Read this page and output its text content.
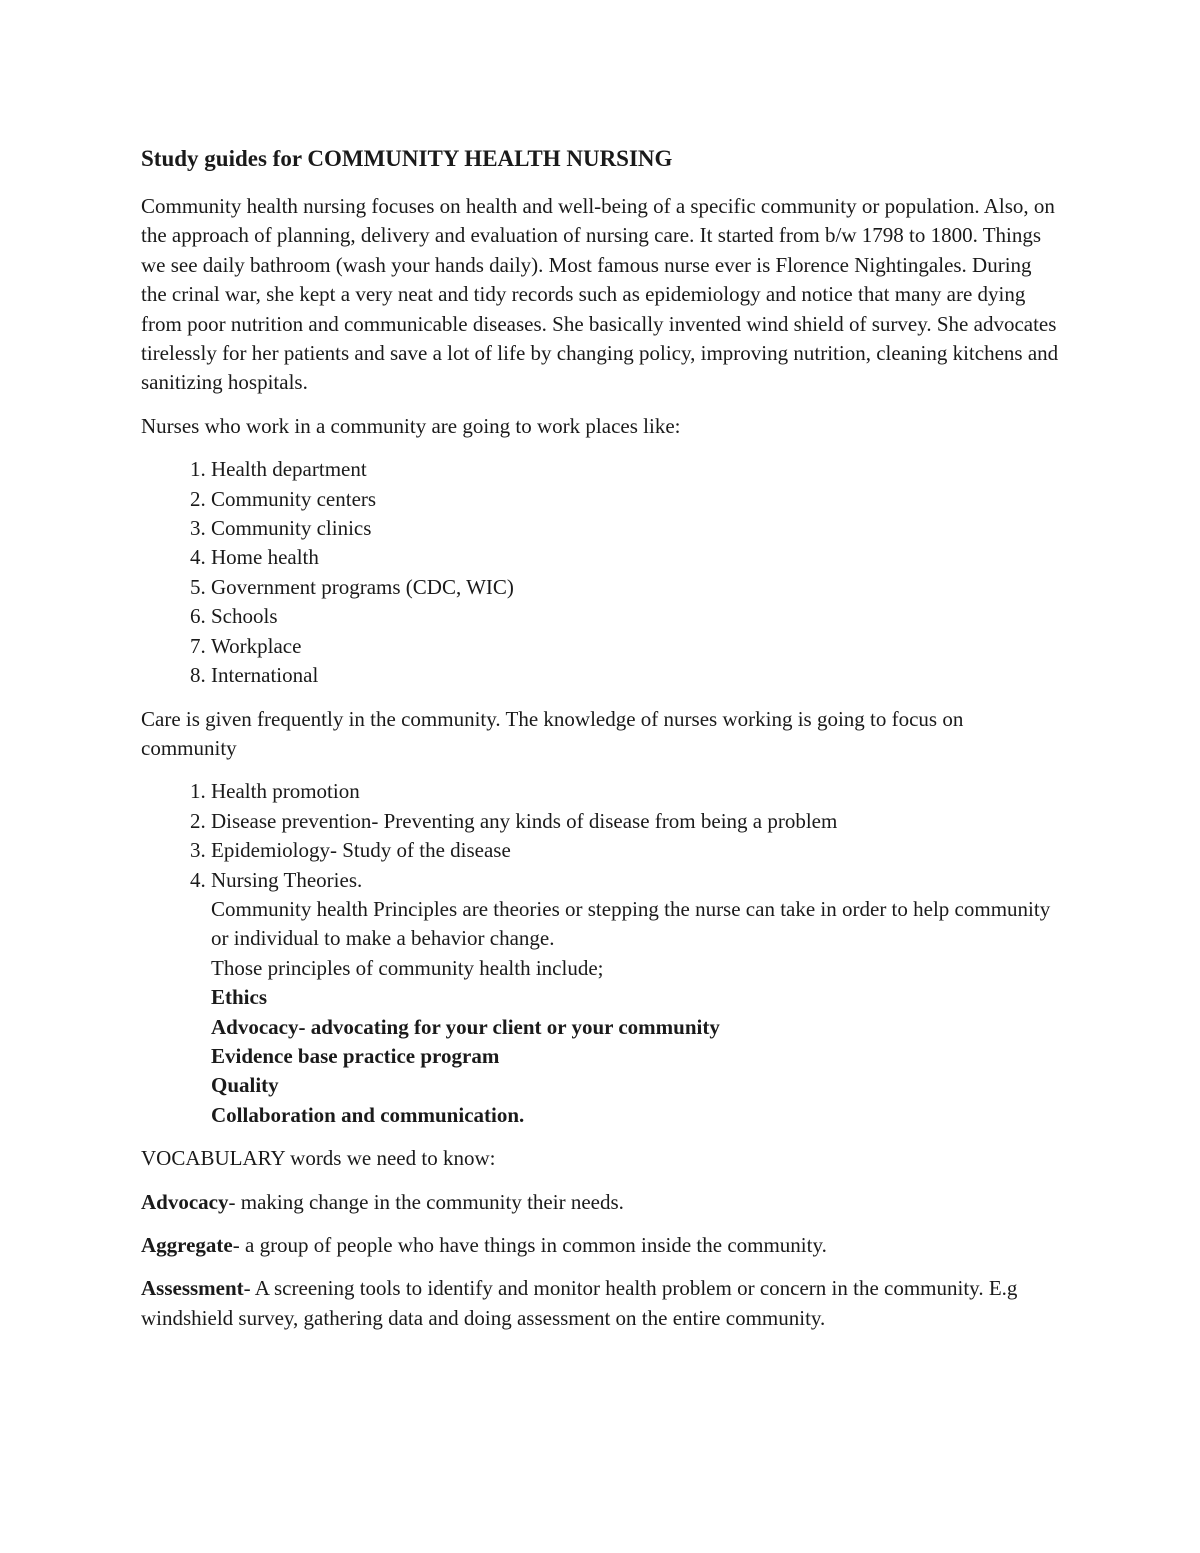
Study guides for COMMUNITY HEALTH NURSING

Community health nursing focuses on health and well-being of a specific community or population. Also, on the approach of planning, delivery and evaluation of nursing care. It started from b/w 1798 to 1800. Things we see daily bathroom (wash your hands daily). Most famous nurse ever is Florence Nightingales. During the crinal war, she kept a very neat and tidy records such as epidemiology and notice that many are dying from poor nutrition and communicable diseases. She basically invented wind shield of survey. She advocates tirelessly for her patients and save a lot of life by changing policy, improving nutrition, cleaning kitchens and sanitizing hospitals.

Nurses who work in a community are going to work places like:

1. Health department
2. Community centers
3. Community clinics
4. Home health
5. Government programs (CDC, WIC)
6. Schools
7. Workplace
8. International

Care is given frequently in the community. The knowledge of nurses working is going to focus on community

1. Health promotion
2. Disease prevention- Preventing any kinds of disease from being a problem
3. Epidemiology- Study of the disease
4. Nursing Theories.
Community health Principles are theories or stepping the nurse can take in order to help community or individual to make a behavior change.
Those principles of community health include;
Ethics
Advocacy- advocating for your client or your community
Evidence base practice program
Quality
Collaboration and communication.

VOCABULARY words we need to know:

Advocacy- making change in the community their needs.

Aggregate- a group of people who have things in common inside the community.

Assessment- A screening tools to identify and monitor health problem or concern in the community. E.g windshield survey, gathering data and doing assessment on the entire community.
